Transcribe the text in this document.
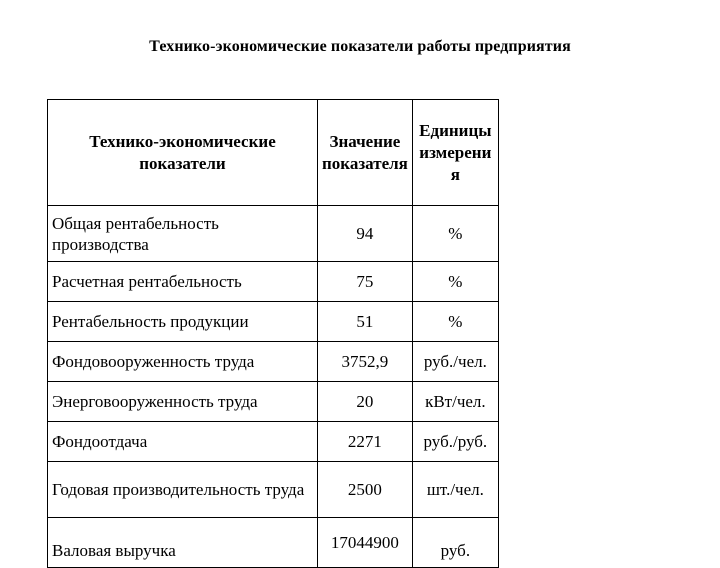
Технико-экономические показатели работы предприятия
Технико-экономические показатели	Значение показателя	Единицы измерения
Общая рентабельность производства	94	%
Расчетная рентабельность	75	%
Рентабельность продукции	51	%
Фондовооруженность труда	3752,9	руб./чел.
Энерговооруженность труда	20	кВт/чел.
Фондоотдача	2271	руб./руб.
Годовая производительность труда	2500	шт./чел.
Валовая выручка	17044900	руб.
